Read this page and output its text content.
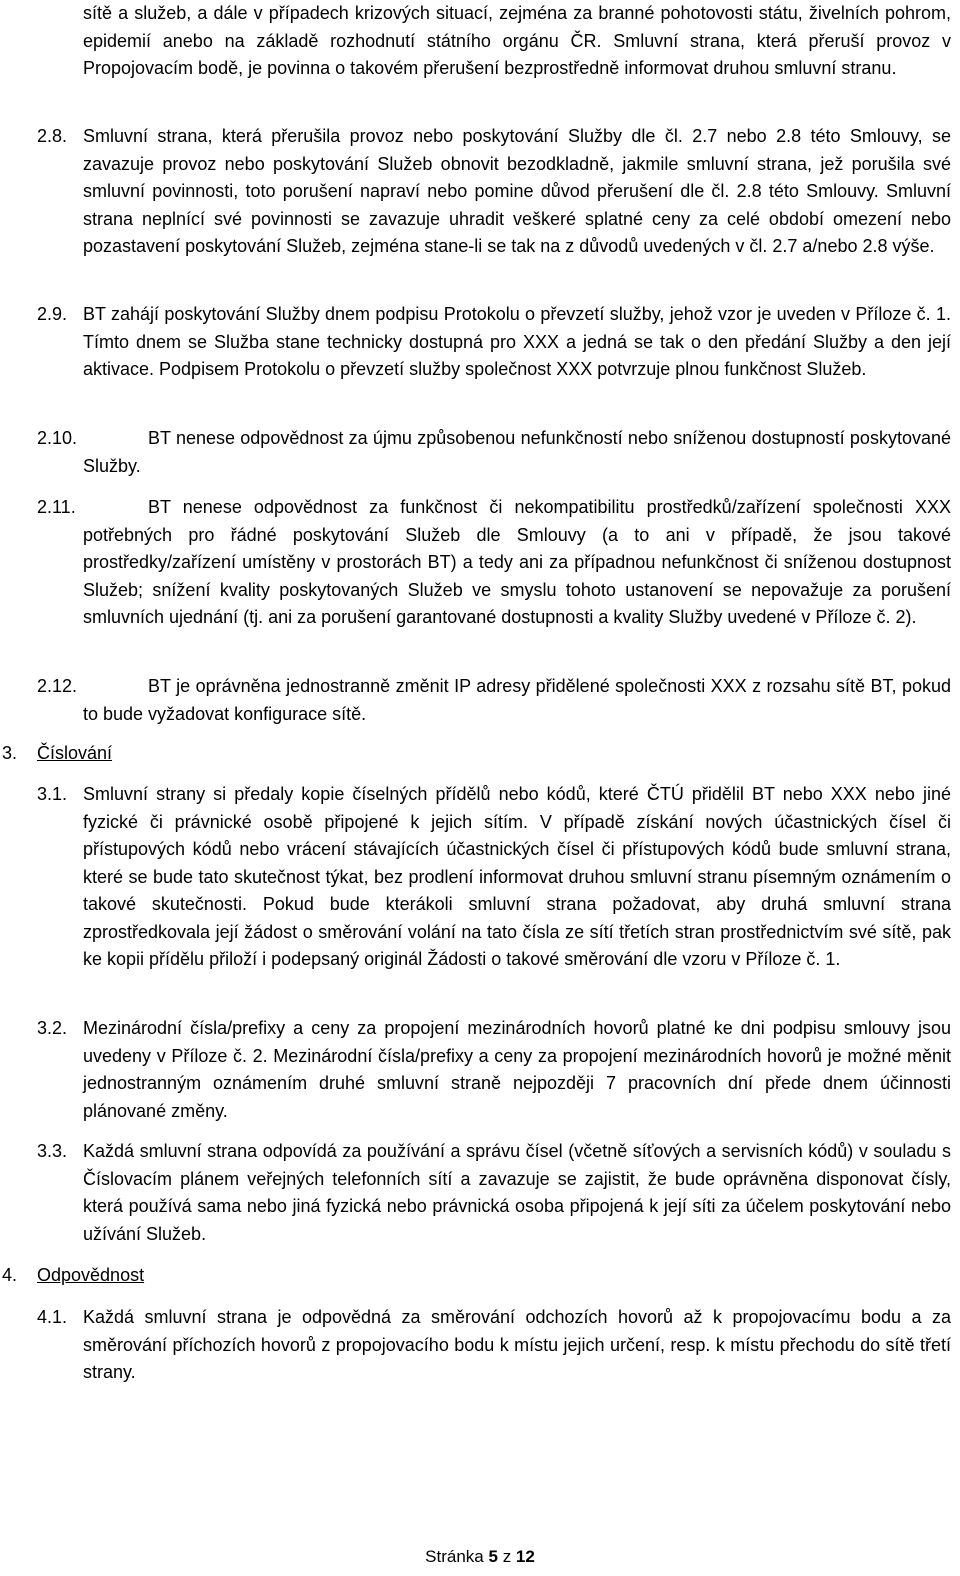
sítě a služeb, a dále v případech krizových situací, zejména za branné pohotovosti státu, živelních pohrom, epidemií anebo na základě rozhodnutí státního orgánu ČR. Smluvní strana, která přeruší provoz v Propojovacím bodě, je povinna o takovém přerušení bezprostředně informovat druhou smluvní stranu.

2.8. Smluvní strana, která přerušila provoz nebo poskytování Služby dle čl. 2.7 nebo 2.8 této Smlouvy, se zavazuje provoz nebo poskytování Služeb obnovit bezodkladně, jakmile smluvní strana, jež porušila své smluvní povinnosti, toto porušení napraví nebo pomine důvod přerušení dle čl. 2.8 této Smlouvy. Smluvní strana neplnící své povinnosti se zavazuje uhradit veškeré splatné ceny za celé období omezení nebo pozastavení poskytování Služeb, zejména stane-li se tak na z důvodů uvedených v čl. 2.7 a/nebo 2.8 výše.

2.9. BT zahájí poskytování Služby dnem podpisu Protokolu o převzetí služby, jehož vzor je uveden v Příloze č. 1. Tímto dnem se Služba stane technicky dostupná pro XXX a jedná se tak o den předání Služby a den její aktivace. Podpisem Protokolu o převzetí služby společnost XXX potvrzuje plnou funkčnost Služeb.

2.10.	BT nenese odpovědnost za újmu způsobenou nefunkčností nebo sníženou dostupností poskytované Služby.

2.11.	BT nenese odpovědnost za funkčnost či nekompatibilitu prostředků/zařízení společnosti XXX potřebných pro řádné poskytování Služeb dle Smlouvy (a to ani v případě, že jsou takové prostředky/zařízení umístěny v prostorách BT) a tedy ani za případnou nefunkčnost či sníženou dostupnost Služeb; snížení kvality poskytovaných Služeb ve smyslu tohoto ustanovení se nepovažuje za porušení smluvních ujednání (tj. ani za porušení garantované dostupnosti a kvality Služby uvedené v Příloze č. 2).

2.12.	BT je oprávněna jednostranně změnit IP adresy přidělené společnosti XXX z rozsahu sítě BT, pokud to bude vyžadovat konfigurace sítě.

3. Číslování

3.1. Smluvní strany si předaly kopie číselných přídělů nebo kódů, které ČTÚ přidělil BT nebo XXX nebo jiné fyzické či právnické osobě připojené k jejich sítím. V případě získání nových účastnických čísel či přístupových kódů nebo vrácení stávajících účastnických čísel či přístupových kódů bude smluvní strana, které se bude tato skutečnost týkat, bez prodlení informovat druhou smluvní stranu písemným oznámením o takové skutečnosti. Pokud bude kterákoli smluvní strana požadovat, aby druhá smluvní strana zprostředkovala její žádost o směrování volání na tato čísla ze sítí třetích stran prostřednictvím své sítě, pak ke kopii přídělu přiloží i podepsaný originál Žádosti o takové směrování dle vzoru v Příloze č. 1.

3.2. Mezinárodní čísla/prefixy a ceny za propojení mezinárodních hovorů platné ke dni podpisu smlouvy jsou uvedeny v Příloze č. 2. Mezinárodní čísla/prefixy a ceny za propojení mezinárodních hovorů je možné měnit jednostranným oznámením druhé smluvní straně nejpozději 7 pracovních dní přede dnem účinnosti plánované změny.

3.3. Každá smluvní strana odpovídá za používání a správu čísel (včetně síťových a servisních kódů) v souladu s Číslovacím plánem veřejných telefonních sítí a zavazuje se zajistit, že bude oprávněna disponovat čísly, která používá sama nebo jiná fyzická nebo právnická osoba připojená k její síti za účelem poskytování nebo užívání Služeb.

4. Odpovědnost

4.1. Každá smluvní strana je odpovědná za směrování odchozích hovorů až k propojovacímu bodu a za směrování příchozích hovorů z propojovacího bodu k místu jejich určení, resp. k místu přechodu do sítě třetí strany.

Stránka 5 z 12
